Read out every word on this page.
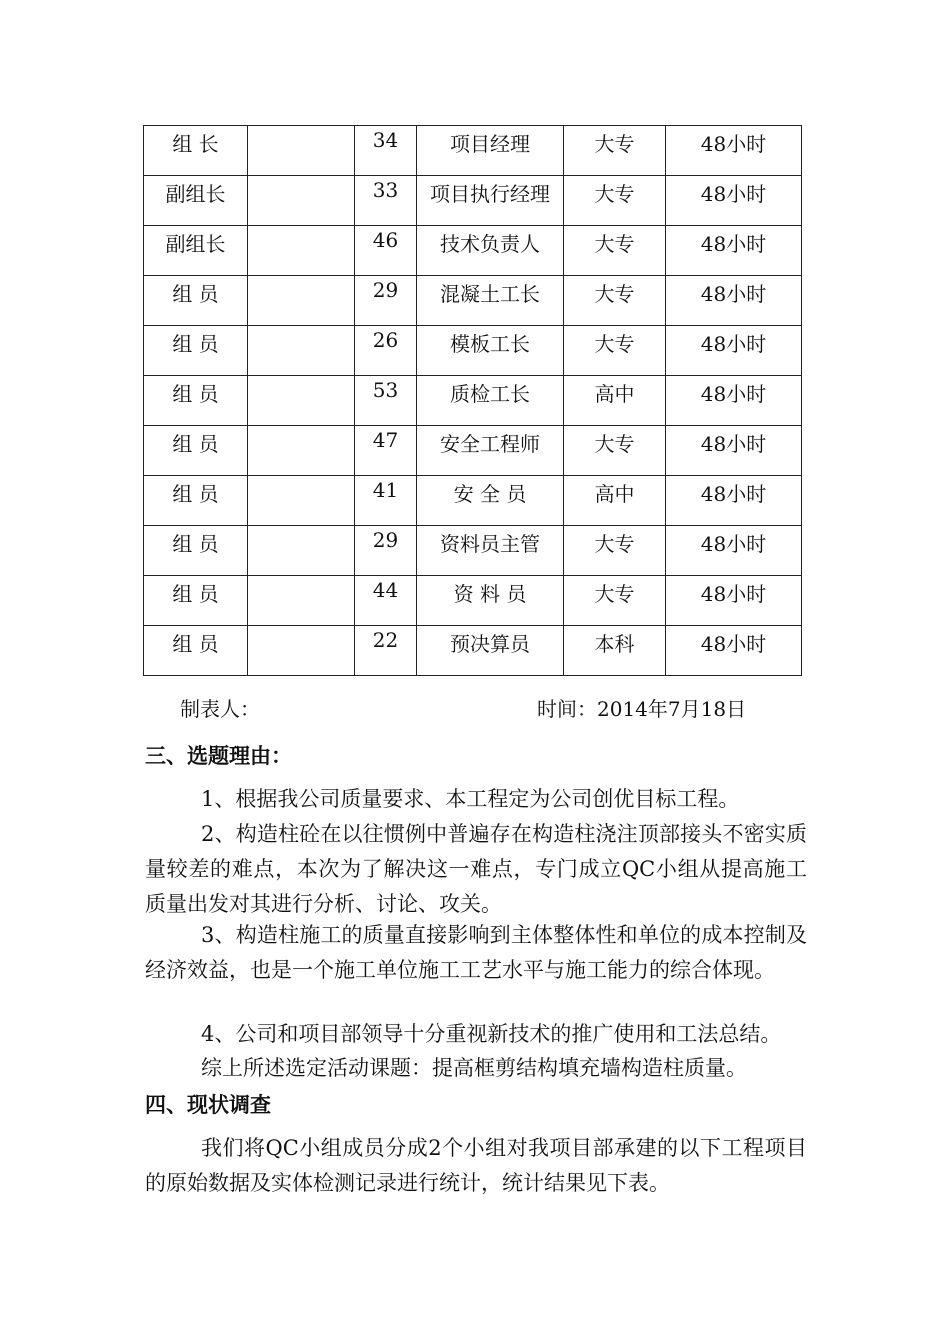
组 长		34	项目经理	大专	48小时
副组长		33	项目执行经理	大专	48小时
副组长		46	技术负责人	大专	48小时
组 员		29	混凝土工长	大专	48小时
组 员		26	模板工长	大专	48小时
组 员		53	质检工长	高中	48小时
组 员		47	安全工程师	大专	48小时
组 员		41	安 全 员	高中	48小时
组 员		29	资料员主管	大专	48小时
组 员		44	资 料 员	大专	48小时
组 员		22	预决算员	本科	48小时
制表人：	时间：2014年7月18日
三、选题理由：

1、根据我公司质量要求、本工程定为公司创优目标工程。

2、构造柱砼在以往惯例中普遍存在构造柱浇注顶部接头不密实质量较差的难点，本次为了解决这一难点，专门成立QC小组从提高施工质量出发对其进行分析、讨论、攻关。

3、构造柱施工的质量直接影响到主体整体性和单位的成本控制及经济效益，也是一个施工单位施工工艺水平与施工能力的综合体现。

4、公司和项目部领导十分重视新技术的推广使用和工法总结。

综上所述选定活动课题：提高框剪结构填充墙构造柱质量。

四、现状调查

我们将QC小组成员分成2个小组对我项目部承建的以下工程项目的原始数据及实体检测记录进行统计，统计结果见下表。
